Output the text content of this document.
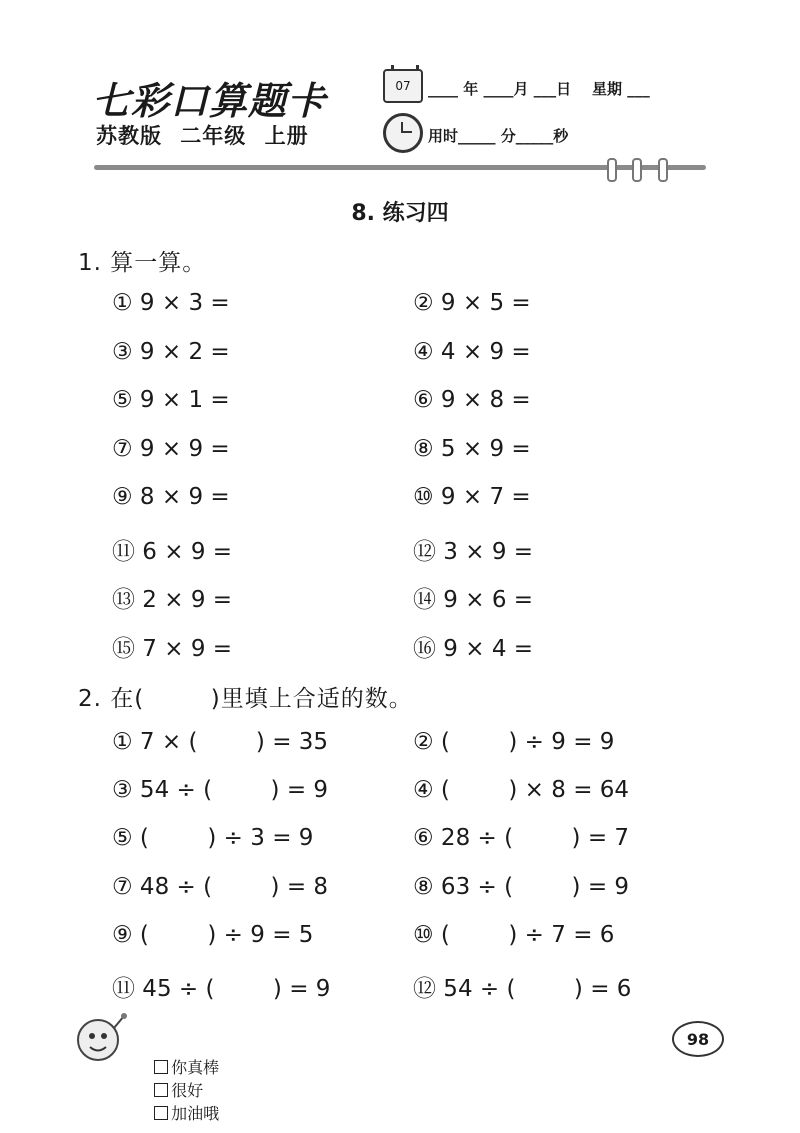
七彩口算题卡
苏教版 二年级 上册
07 ____ 年 ____月 ___日    星期 ___
用时_____ 分_____秒
8. 练习四
1. 算一算。
① 9 × 3 =	② 9 × 5 =
③ 9 × 2 =	④ 4 × 9 =
⑤ 9 × 1 =	⑥ 9 × 8 =
⑦ 9 × 9 =	⑧ 5 × 9 =
⑨ 8 × 9 =	⑩ 9 × 7 =
⑪ 6 × 9 =	⑫ 3 × 9 =
⑬ 2 × 9 =	⑭ 9 × 6 =
⑮ 7 × 9 =	⑯ 9 × 4 =
2. 在(        )里填上合适的数。
① 7 × (        ) = 35	② (        ) ÷ 9 = 9
③ 54 ÷ (        ) = 9	④ (        ) × 8 = 64
⑤ (        ) ÷ 3 = 9	⑥ 28 ÷ (        ) = 7
⑦ 48 ÷ (        ) = 8	⑧ 63 ÷ (        ) = 9
⑨ (        ) ÷ 9 = 5	⑩ (        ) ÷ 7 = 6
⑪ 45 ÷ (        ) = 9	⑫ 54 ÷ (        ) = 6

你真棒
很好
加油哦

98
